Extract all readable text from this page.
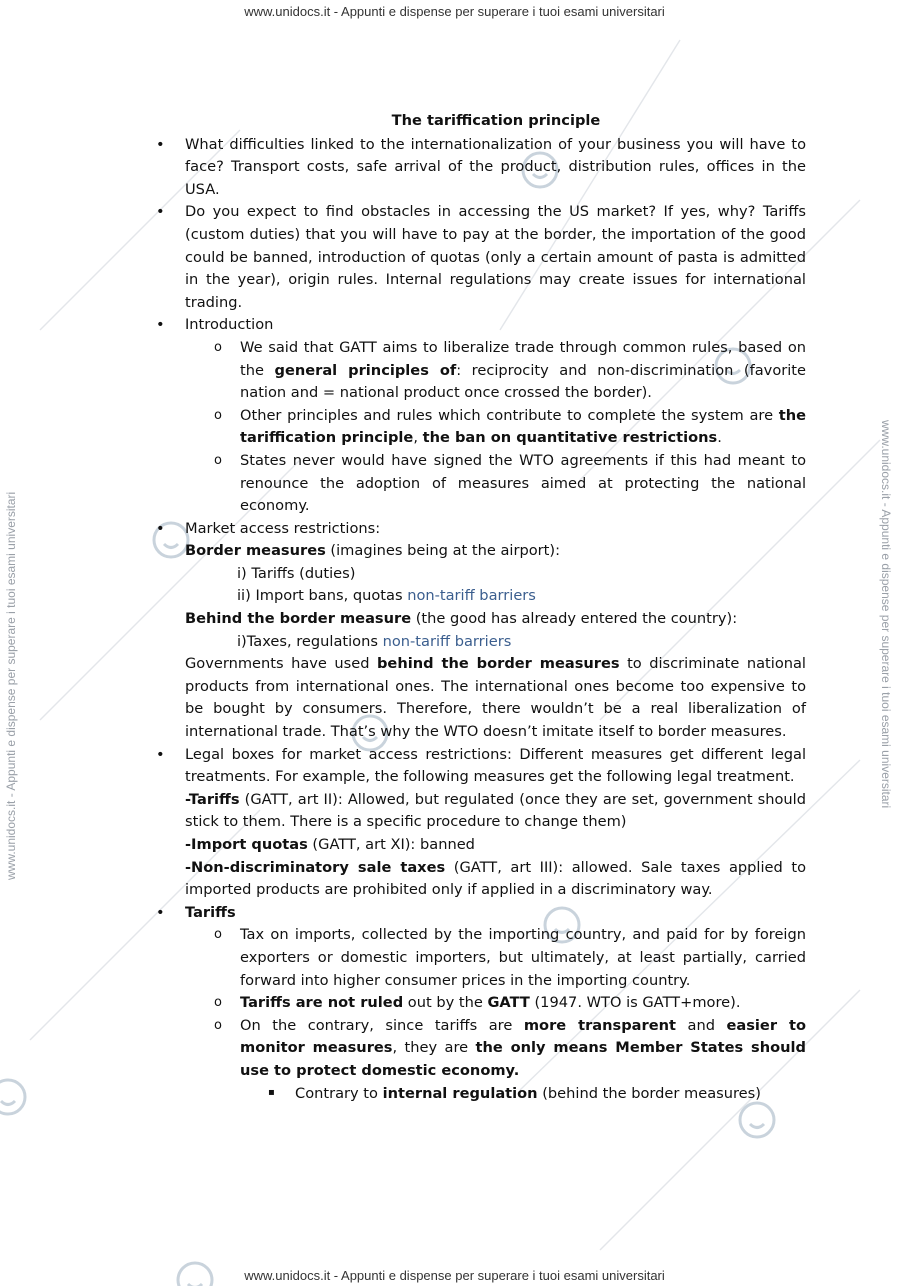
www.unidocs.it - Appunti e dispense per superare i tuoi esami universitari
www.unidocs.it - Appunti e dispense per superare i tuoi esami universitari
www.unidocs.it - Appunti e dispense per superare i tuoi esami universitari	www.unidocs.it - Appunti e dispense per superare i tuoi esami universitari
The tariffication principle
• What difficulties linked to the internationalization of your business you will have to face? Transport costs, safe arrival of the product, distribution rules, offices in the USA.
• Do you expect to find obstacles in accessing the US market? If yes, why? Tariffs (custom duties) that you will have to pay at the border, the importation of the good could be banned, introduction of quotas (only a certain amount of pasta is admitted in the year), origin rules. Internal regulations may create issues for international trading.
• Introduction
o We said that GATT aims to liberalize trade through common rules, based on the general principles of: reciprocity and non-discrimination (favorite nation and = national product once crossed the border).
o Other principles and rules which contribute to complete the system are the tariffication principle, the ban on quantitative restrictions.
o States never would have signed the WTO agreements if this had meant to renounce the adoption of measures aimed at protecting the national economy.
• Market access restrictions:
Border measures (imagines being at the airport):
i) Tariffs (duties)
ii) Import bans, quotas non-tariff barriers
Behind the border measure (the good has already entered the country):
i)Taxes, regulations non-tariff barriers
Governments have used behind the border measures to discriminate national products from international ones. The international ones become too expensive to be bought by consumers. Therefore, there wouldn’t be a real liberalization of international trade. That’s why the WTO doesn’t imitate itself to border measures.
• Legal boxes for market access restrictions: Different measures get different legal treatments. For example, the following measures get the following legal treatment.
-Tariffs (GATT, art II): Allowed, but regulated (once they are set, government should stick to them. There is a specific procedure to change them)
-Import quotas (GATT, art XI): banned
-Non-discriminatory sale taxes (GATT, art III): allowed. Sale taxes applied to imported products are prohibited only if applied in a discriminatory way.
• Tariffs
o Tax on imports, collected by the importing country, and paid for by foreign exporters or domestic importers, but ultimately, at least partially, carried forward into higher consumer prices in the importing country.
o Tariffs are not ruled out by the GATT (1947. WTO is GATT+more).
o On the contrary, since tariffs are more transparent and easier to monitor measures, they are the only means Member States should use to protect domestic economy.
▪ Contrary to internal regulation (behind the border measures)
